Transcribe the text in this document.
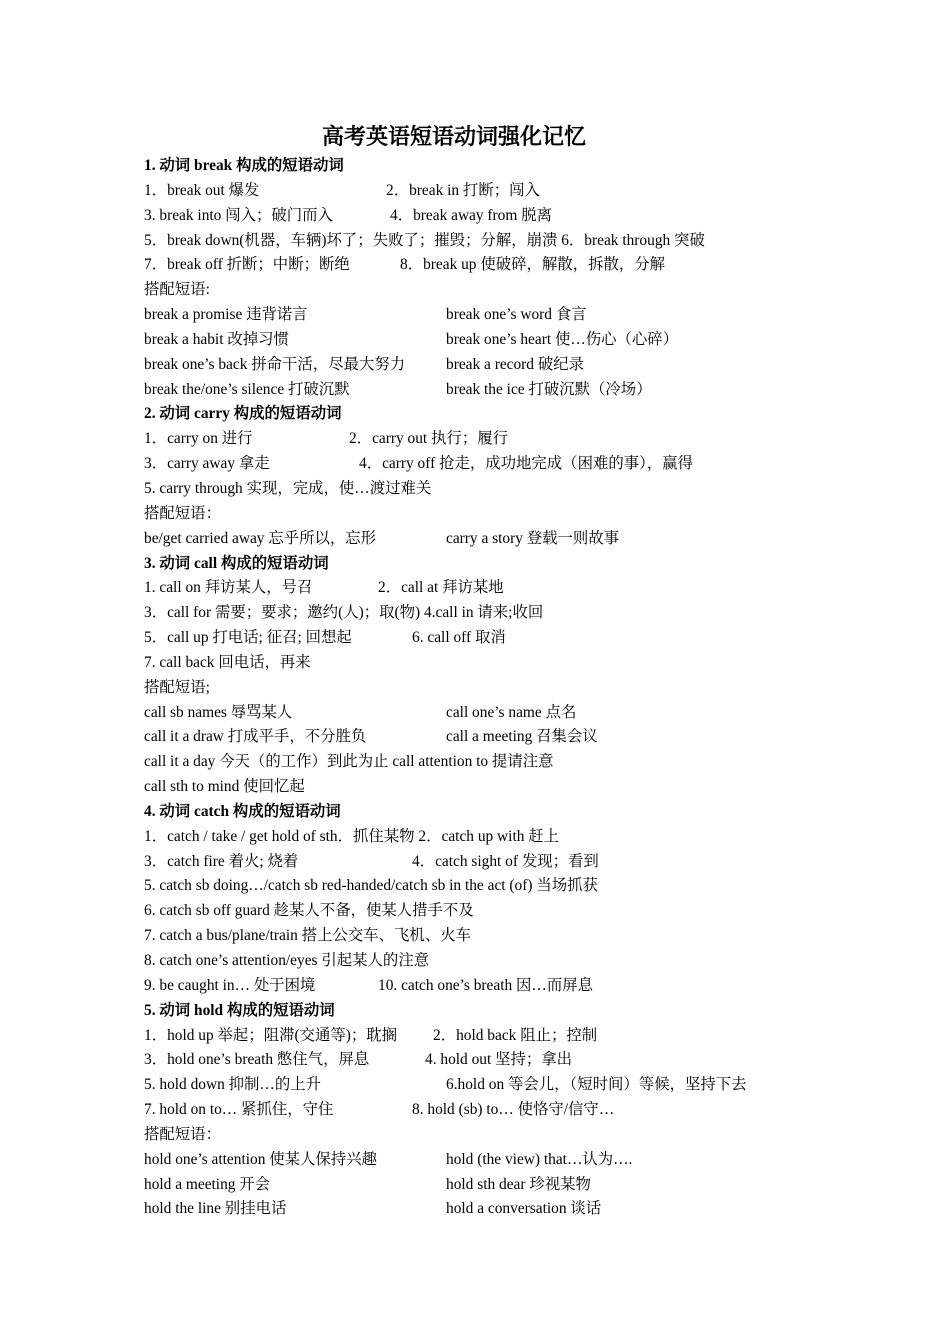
高考英语短语动词强化记忆
1. 动词 break 构成的短语动词
1．break out 爆发	2．break in 打断；闯入
3. break into 闯入；破门而入	4．break away from 脱离
5．break down(机器，车辆)坏了；失败了；摧毁；分解，崩溃 6．break through 突破
7．break off 折断；中断；断绝	8．break up 使破碎，解散，拆散，分解
搭配短语:
break a promise 违背诺言	break one’s word 食言
break a habit 改掉习惯	break one’s heart 使…伤心（心碎）
break one’s back 拼命干活，尽最大努力	break a record 破纪录
break the/one’s silence 打破沉默	break the ice 打破沉默（冷场）
2. 动词 carry 构成的短语动词
1．carry on 进行	2．carry out 执行；履行
3．carry away 拿走	4．carry off 抢走，成功地完成（困难的事），赢得
5. carry through 实现，完成，使…渡过难关
搭配短语：
be/get carried away 忘乎所以，忘形	carry a story 登载一则故事
3. 动词 call 构成的短语动词
1. call on 拜访某人，号召	2．call at 拜访某地
3．call for 需要；要求；邀约(人)；取(物) 4.call in 请来;收回
5．call up 打电话; 征召; 回想起	6. call off 取消
7. call back 回电话，再来
搭配短语;
call sb names 辱骂某人	call one’s name 点名
call it a draw 打成平手，不分胜负	call a meeting 召集会议
call it a day 今天（的工作）到此为止 call attention to 提请注意
call sth to mind 使回忆起
4. 动词 catch 构成的短语动词
1．catch / take / get hold of sth．抓住某物 2．catch up with 赶上
3．catch fire 着火; 烧着	4．catch sight of 发现；看到
5. catch sb doing…/catch sb red-handed/catch sb in the act (of) 当场抓获
6. catch sb off guard 趁某人不备，使某人措手不及
7. catch a bus/plane/train 搭上公交车、飞机、火车
8. catch one’s attention/eyes 引起某人的注意
9. be caught in… 处于困境	10. catch one’s breath 因…而屏息
5. 动词 hold 构成的短语动词
1．hold up 举起；阻滞(交通等)；耽搁 2．hold back 阻止；控制
3．hold one’s breath 憋住气，屏息	4. hold out 坚持；拿出
5. hold down 抑制…的上升	6.hold on 等会儿，（短时间）等候，坚持下去
7. hold on to… 紧抓住，守住	8. hold (sb) to… 使恪守/信守…
搭配短语：
hold one’s attention 使某人保持兴趣	hold (the view) that…认为….
hold a meeting 开会	hold sth dear 珍视某物
hold the line 别挂电话	hold a conversation 谈话
